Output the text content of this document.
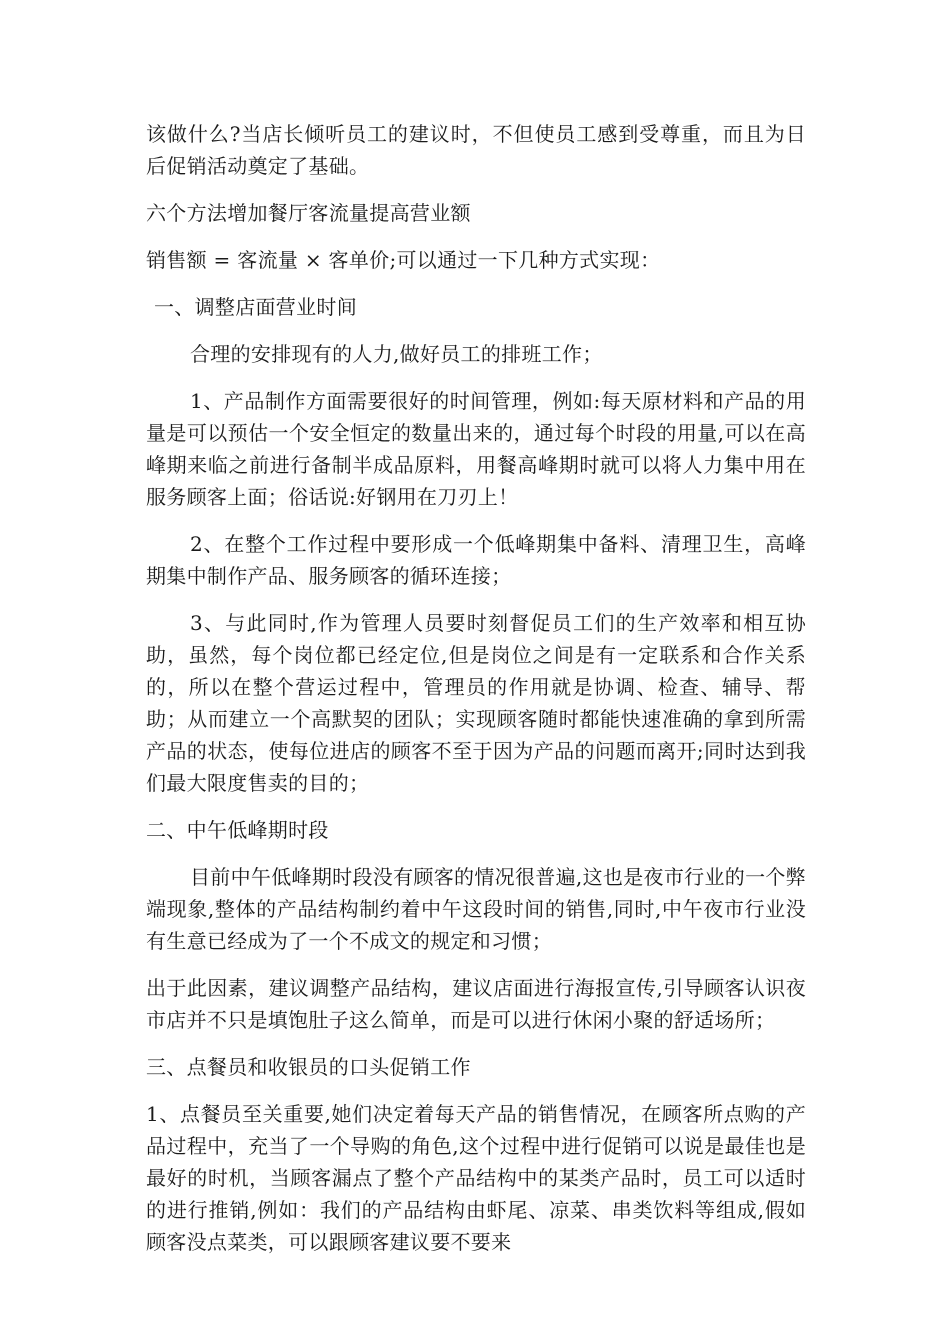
该做什么?当店长倾听员工的建议时，不但使员工感到受尊重，而且为日后促销活动奠定了基础。

六个方法增加餐厅客流量提高营业额

销售额 = 客流量 × 客单价;可以通过一下几种方式实现：

一、调整店面营业时间

合理的安排现有的人力,做好员工的排班工作；

1、产品制作方面需要很好的时间管理，例如:每天原材料和产品的用量是可以预估一个安全恒定的数量出来的，通过每个时段的用量,可以在高峰期来临之前进行备制半成品原料，用餐高峰期时就可以将人力集中用在服务顾客上面；俗话说:好钢用在刀刃上！

2、在整个工作过程中要形成一个低峰期集中备料、清理卫生，高峰期集中制作产品、服务顾客的循环连接；

3、与此同时,作为管理人员要时刻督促员工们的生产效率和相互协助，虽然，每个岗位都已经定位,但是岗位之间是有一定联系和合作关系的，所以在整个营运过程中，管理员的作用就是协调、检查、辅导、帮助；从而建立一个高默契的团队；实现顾客随时都能快速准确的拿到所需产品的状态，使每位进店的顾客不至于因为产品的问题而离开;同时达到我们最大限度售卖的目的；

二、中午低峰期时段

目前中午低峰期时段没有顾客的情况很普遍,这也是夜市行业的一个弊端现象,整体的产品结构制约着中午这段时间的销售,同时,中午夜市行业没有生意已经成为了一个不成文的规定和习惯；

出于此因素，建议调整产品结构，建议店面进行海报宣传,引导顾客认识夜市店并不只是填饱肚子这么简单，而是可以进行休闲小聚的舒适场所；

三、点餐员和收银员的口头促销工作

1、点餐员至关重要,她们决定着每天产品的销售情况，在顾客所点购的产品过程中，充当了一个导购的角色,这个过程中进行促销可以说是最佳也是最好的时机，当顾客漏点了整个产品结构中的某类产品时，员工可以适时的进行推销,例如：我们的产品结构由虾尾、凉菜、串类饮料等组成,假如顾客没点菜类，可以跟顾客建议要不要来
